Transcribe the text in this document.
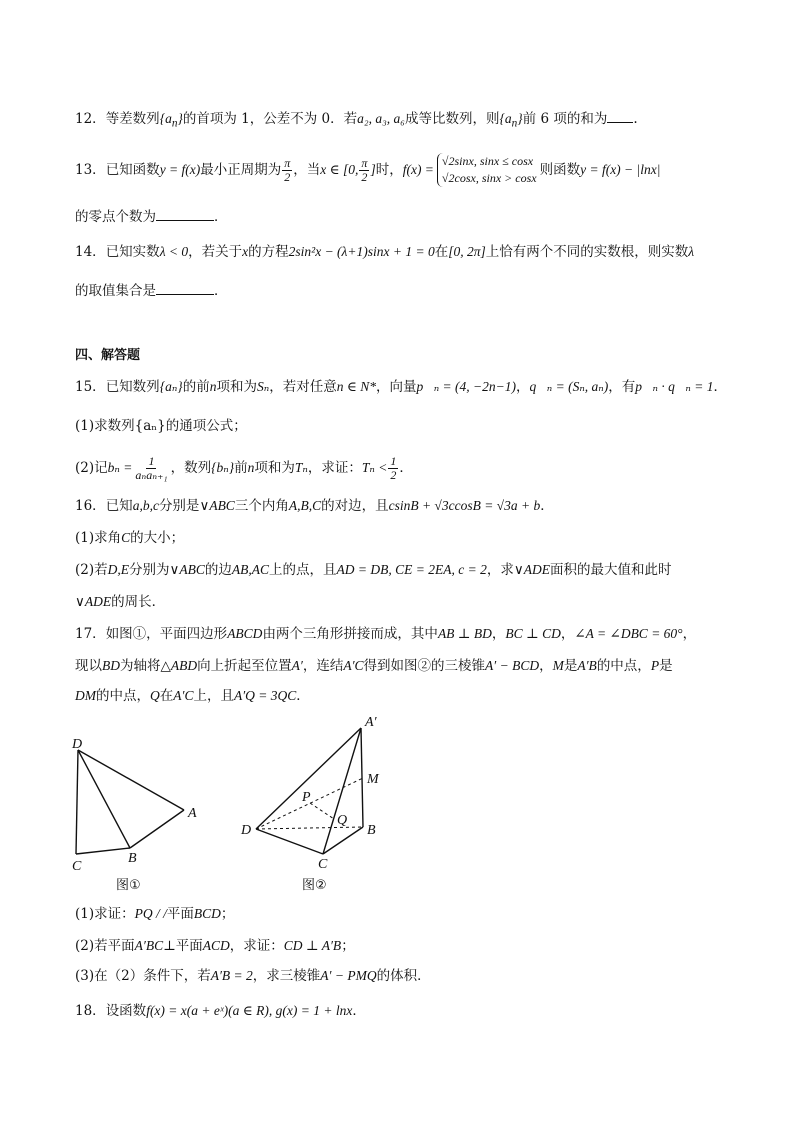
12．等差数列$\{a_n\}$的首项为 1，公差不为 0．若a₂, a₃, a₆成等比数列，则$\{a_n\}$前 6 项的和为 .
13． 已知函数 y = f(x) 最小正周期为 $\frac{\pi}{2}$ ，当 x ∈ [0, $\frac{\pi}{2}$ ] 时， f(x) =
√2sinx, sinx ≤ cosx
√2cosx, sinx > cosx 则函数 y = f(x) − |lnx|
的零点个数为	．
14．已知实数λ < 0，若关于x的方程2sin²x − (λ+1)sinx + 1 = 0在[0, 2π]上恰有两个不同的实数根，则实数λ
的取值集合是	．
四、解答题
15．已知数列{aₙ}的前n项和为Sₙ，若对任意n ∈ N*，向量p⃗ₙ = (4, −2n−1)，q⃗ₙ = (Sₙ, aₙ)，有p⃗ₙ · q⃗ₙ = 1．
(1)求数列{aₙ}的通项公式；
(2)记 $b_n = \frac{1}{\text{aₙaₙ₊₁}}$ ，数列 {bₙ} 前 n 项和为 Tₙ ，求证： $T_n < \frac{1}{2}$ ．
16．已知a,b,c分别是∨ABC三个内角A,B,C的对边，且csinB + √3ccosB = √3a + b．
(1)求角C的大小；
(2)若D,E分别为∨ABC的边AB,AC上的点，且AD = DB, CE = 2EA, c = 2，求∨ADE面积的最大值和此时
∨ADE的周长．
17．如图①，平面四边形ABCD由两个三角形拼接而成，其中AB ⊥ BD，BC ⊥ CD，∠A = ∠DBC = 60°，
现以BD为轴将△ABD向上折起至位置A′，连结A′C得到如图②的三棱锥A′ − BCD，M是A′B的中点，P是
DM的中点，Q在A′C上，且A′Q = 3QC．
D
A
C
B
图①
A′
M
P
Q
D	B
C
图②
(1)求证：PQ / /平面BCD；
(2)若平面A′BC⊥平面ACD，求证：CD ⊥ A′B；
(3)在（2）条件下，若A′B = 2，求三棱锥A′ − PMQ的体积．
18．设函数f(x) = x(a + eˣ)(a ∈ R), g(x) = 1 + lnx．
